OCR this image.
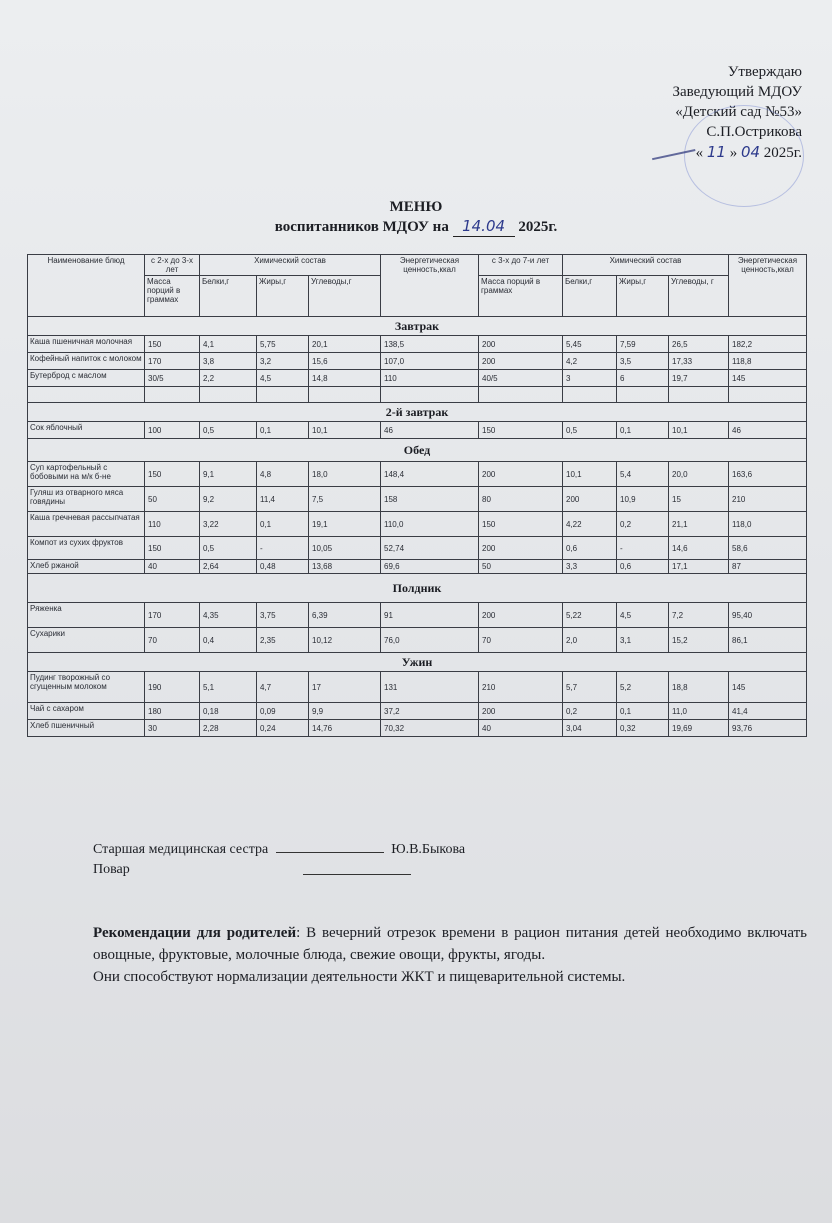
Утверждаю
Заведующий МДОУ
«Детский сад №53»
С.П.Острикова
« 11 » 04 2025г.
МЕНЮ
воспитанников МДОУ на 14.04 2025г.
Наименование блюд	с 2-х до 3-х лет	Химический состав			Энергетическая ценность,ккал	с 3-х до 7-и лет	Химический состав			Энергетическая ценность,ккал
	Масса порций в граммах	Белки,г	Жиры,г	Углеводы,г		Масса порций в граммах	Белки,г	Жиры,г	Углеводы, г	
Завтрак										
Каша пшеничная молочная	150	4,1	5,75	20,1	138,5	200	5,45	7,59	26,5	182,2
Кофейный напиток с молоком	170	3,8	3,2	15,6	107,0	200	4,2	3,5	17,33	118,8
Бутерброд с маслом	30/5	2,2	4,5	14,8	110	40/5	3	6	19,7	145

2-й завтрак										
Сок яблочный	100	0,5	0,1	10,1	46	150	0,5	0,1	10,1	46
Обед										
Суп картофельный с бобовыми на м/к б-не	150	9,1	4,8	18,0	148,4	200	10,1	5,4	20,0	163,6
Гуляш из отварного мяса говядины	50	9,2	11,4	7,5	158	80	200	10,9	15	210
Каша гречневая рассыпчатая	110	3,22	0,1	19,1	110,0	150	4,22	0,2	21,1	118,0
Компот из сухих фруктов	150	0,5	-	10,05	52,74	200	0,6	-	14,6	58,6
Хлеб ржаной	40	2,64	0,48	13,68	69,6	50	3,3	0,6	17,1	87
Полдник										
Ряженка	170	4,35	3,75	6,39	91	200	5,22	4,5	7,2	95,40
Сухарики	70	0,4	2,35	10,12	76,0	70	2,0	3,1	15,2	86,1
Ужин										
Пудинг творожный со сгущенным молоком	190	5,1	4,7	17	131	210	5,7	5,2	18,8	145
Чай с сахаром	180	0,18	0,09	9,9	37,2	200	0,2	0,1	11,0	41,4
Хлеб пшеничный	30	2,28	0,24	14,76	70,32	40	3,04	0,32	19,69	93,76
Старшая медицинская сестра	Ю.В.Быкова
Повар
Рекомендации для родителей: В вечерний отрезок времени в рацион питания детей необходимо включать овощные, фруктовые, молочные блюда, свежие овощи, фрукты, ягоды.
Они способствуют нормализации деятельности ЖКТ и пищеварительной системы.
